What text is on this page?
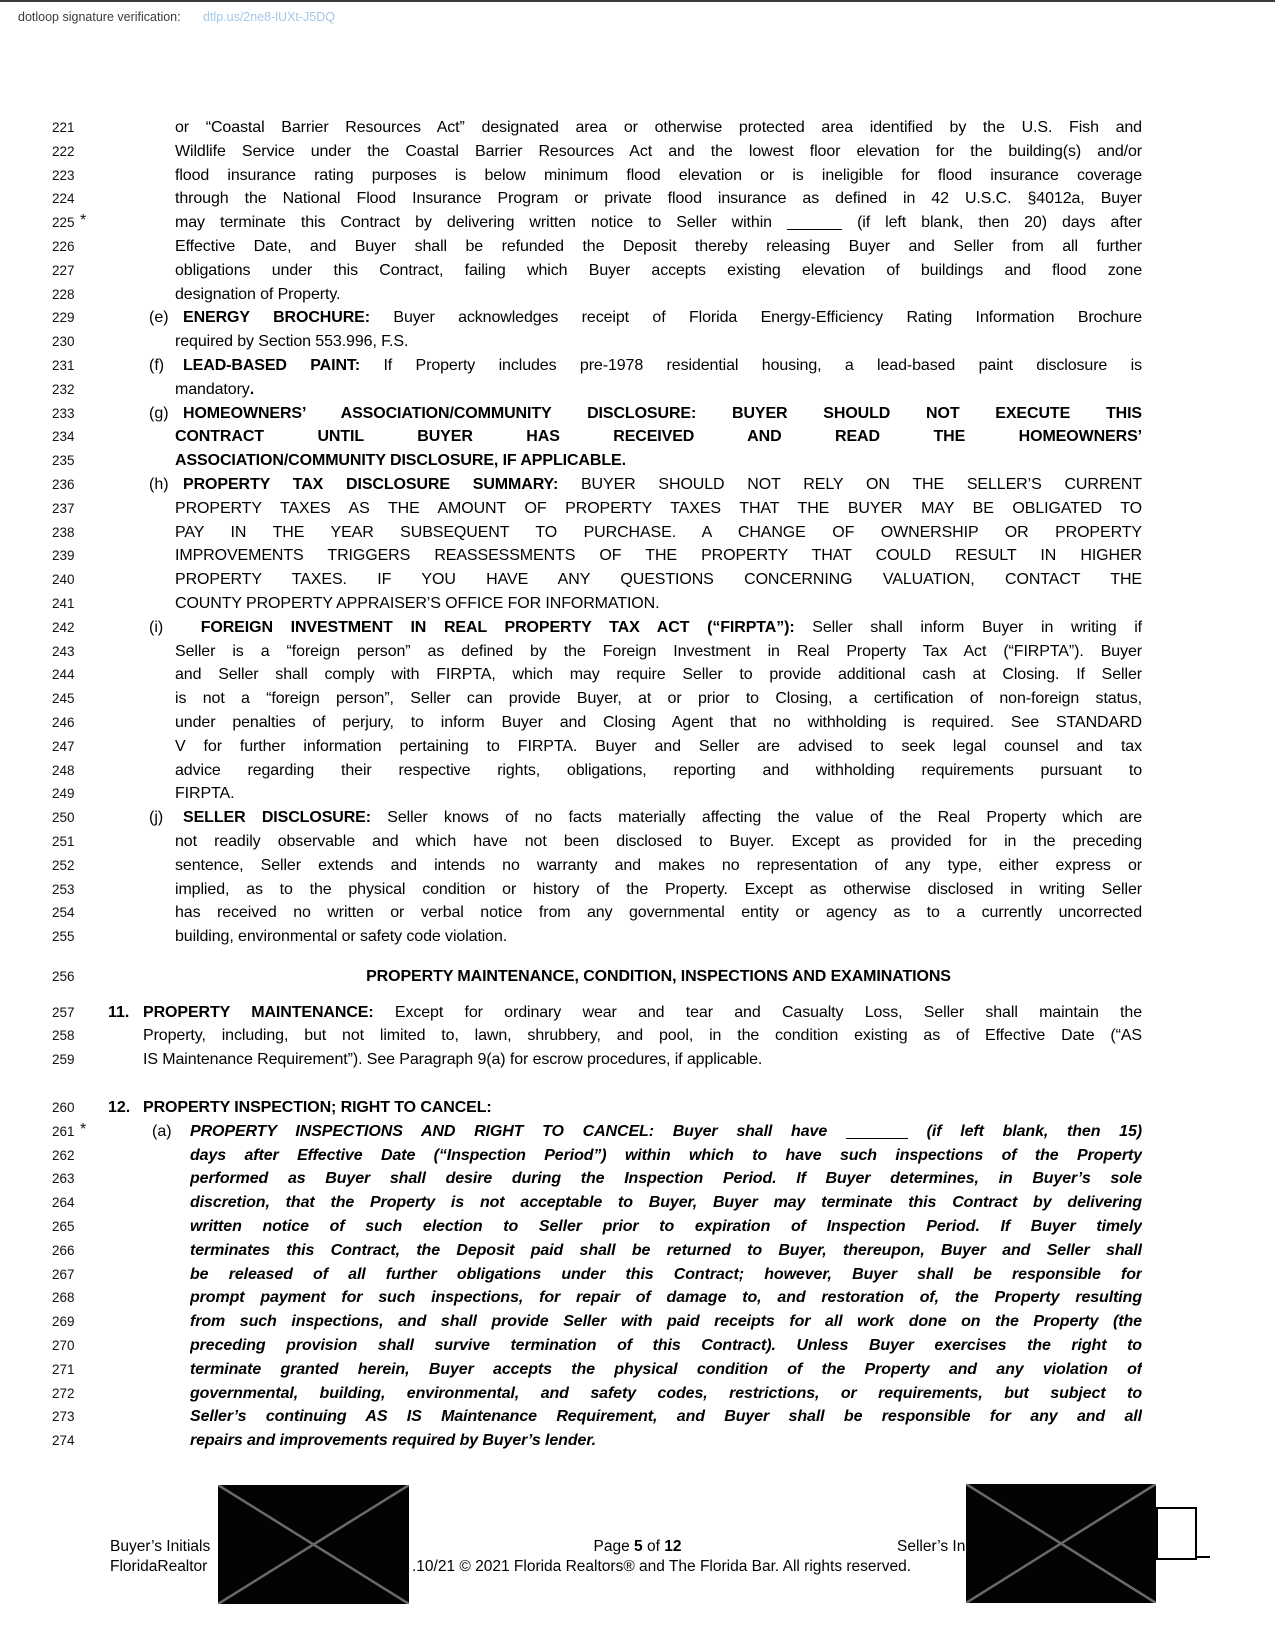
dotloop signature verification: dtlp.us/2ne8-lUXt-J5DQ
221	or “Coastal Barrier Resources Act” designated area or otherwise protected area identified by the U.S. Fish and
222	Wildlife Service under the Coastal Barrier Resources Act and the lowest floor elevation for the building(s) and/or
223	flood insurance rating purposes is below minimum flood elevation or is ineligible for flood insurance coverage
224	through the National Flood Insurance Program or private flood insurance as defined in 42 U.S.C. §4012a, Buyer
225 *	may terminate this Contract by delivering written notice to Seller within	(if left blank, then 20) days after
226	Effective Date, and Buyer shall be refunded the Deposit thereby releasing Buyer and Seller from all further
227	obligations under this Contract, failing which Buyer accepts existing elevation of buildings and flood zone
228	designation of Property.
229	(e) ENERGY BROCHURE: Buyer acknowledges receipt of Florida Energy-Efficiency Rating Information Brochure
230	required by Section 553.996, F.S.
231	(f)	LEAD-BASED PAINT: If Property includes pre-1978 residential housing, a lead-based paint disclosure is
232	mandatory.
233	(g) HOMEOWNERS’ ASSOCIATION/COMMUNITY DISCLOSURE: BUYER SHOULD NOT EXECUTE THIS
234	CONTRACT UNTIL BUYER HAS RECEIVED AND READ THE HOMEOWNERS’
235	ASSOCIATION/COMMUNITY DISCLOSURE, IF APPLICABLE.
236	(h) PROPERTY TAX DISCLOSURE SUMMARY: BUYER SHOULD NOT RELY ON THE SELLER’S CURRENT
237	PROPERTY TAXES AS THE AMOUNT OF PROPERTY TAXES THAT THE BUYER MAY BE OBLIGATED TO
238	PAY IN THE YEAR SUBSEQUENT TO PURCHASE. A CHANGE OF OWNERSHIP OR PROPERTY
239	IMPROVEMENTS TRIGGERS REASSESSMENTS OF THE PROPERTY THAT COULD RESULT IN HIGHER
240	PROPERTY TAXES. IF YOU HAVE ANY QUESTIONS CONCERNING VALUATION, CONTACT THE
241	COUNTY PROPERTY APPRAISER’S OFFICE FOR INFORMATION.
242	(i)	FOREIGN INVESTMENT IN REAL PROPERTY TAX ACT (“FIRPTA”): Seller shall inform Buyer in writing if
243	Seller is a “foreign person” as defined by the Foreign Investment in Real Property Tax Act (“FIRPTA”). Buyer
244	and Seller shall comply with FIRPTA, which may require Seller to provide additional cash at Closing. If Seller
245	is not a “foreign person”, Seller can provide Buyer, at or prior to Closing, a certification of non-foreign status,
246	under penalties of perjury, to inform Buyer and Closing Agent that no withholding is required. See STANDARD
247	V for further information pertaining to FIRPTA. Buyer and Seller are advised to seek legal counsel and tax
248	advice regarding their respective rights, obligations, reporting and withholding requirements pursuant to
249	FIRPTA.
250	(j)	SELLER DISCLOSURE: Seller knows of no facts materially affecting the value of the Real Property which are
251	not readily observable and which have not been disclosed to Buyer. Except as provided for in the preceding
252	sentence, Seller extends and intends no warranty and makes no representation of any type, either express or
253	implied, as to the physical condition or history of the Property. Except as otherwise disclosed in writing Seller
254	has received no written or verbal notice from any governmental entity or agency as to a currently uncorrected
255	building, environmental or safety code violation.
256	PROPERTY MAINTENANCE, CONDITION, INSPECTIONS AND EXAMINATIONS
257 11. PROPERTY MAINTENANCE: Except for ordinary wear and tear and Casualty Loss, Seller shall maintain the
258	Property, including, but not limited to, lawn, shrubbery, and pool, in the condition existing as of Effective Date (“AS
259	IS Maintenance Requirement”). See Paragraph 9(a) for escrow procedures, if applicable.
260 12. PROPERTY INSPECTION; RIGHT TO CANCEL:
261 *	(a) PROPERTY INSPECTIONS AND RIGHT TO CANCEL: Buyer shall have	(if left blank, then 15)
262	days after Effective Date (“Inspection Period”) within which to have such inspections of the Property
263	performed as Buyer shall desire during the Inspection Period. If Buyer determines, in Buyer’s sole
264	discretion, that the Property is not acceptable to Buyer, Buyer may terminate this Contract by delivering
265	written notice of such election to Seller prior to expiration of Inspection Period. If Buyer timely
266	terminates this Contract, the Deposit paid shall be returned to Buyer, thereupon, Buyer and Seller shall
267	be released of all further obligations under this Contract; however, Buyer shall be responsible for
268	prompt payment for such inspections, for repair of damage to, and restoration of, the Property resulting
269	from such inspections, and shall provide Seller with paid receipts for all work done on the Property (the
270	preceding provision shall survive termination of this Contract). Unless Buyer exercises the right to
271	terminate granted herein, Buyer accepts the physical condition of the Property and any violation of
272	governmental, building, environmental, and safety codes, restrictions, or requirements, but subject to
273	Seller’s continuing AS IS Maintenance Requirement, and Buyer shall be responsible for any and all
274	repairs and improvements required by Buyer’s lender.
Buyer’s Initials	Page 5 of 12	Seller’s In
FloridaRealtor	.10/21 © 2021 Florida Realtors® and The Florida Bar. All rights reserved.
